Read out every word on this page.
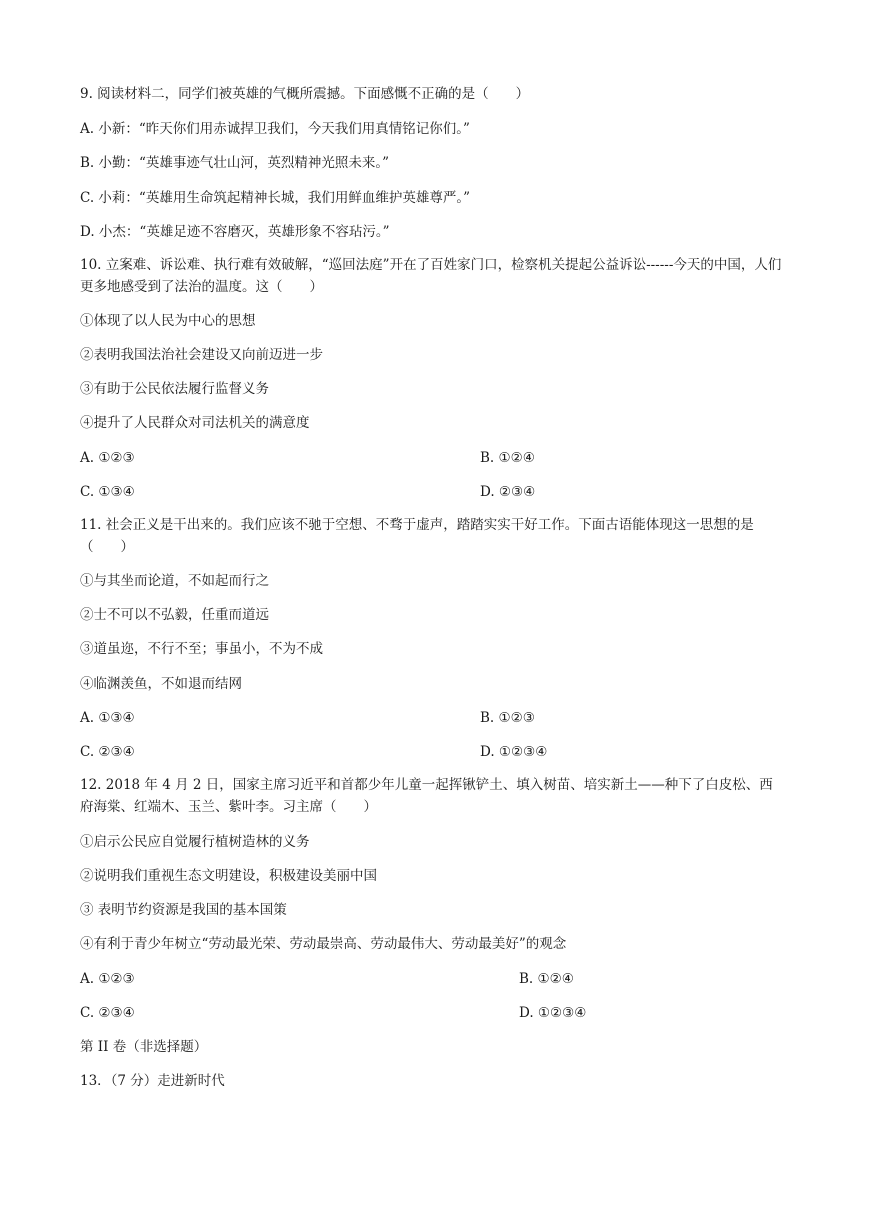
9. 阅读材料二，同学们被英雄的气概所震撼。下面感慨不正确的是（　　）
A. 小新：“昨天你们用赤诚捍卫我们，今天我们用真情铭记你们。”
B. 小勤：“英雄事迹气壮山河，英烈精神光照未来。”
C. 小莉：“英雄用生命筑起精神长城，我们用鲜血维护英雄尊严。”
D. 小杰：“英雄足迹不容磨灭，英雄形象不容玷污。”
10. 立案难、诉讼难、执行难有效破解，“巡回法庭”开在了百姓家门口，检察机关提起公益诉讼------今天的中国，人们更多地感受到了法治的温度。这（　　）
①体现了以人民为中心的思想
②表明我国法治社会建设又向前迈进一步
③有助于公民依法履行监督义务
④提升了人民群众对司法机关的满意度
A. ①②③	B. ①②④
C. ①③④	D. ②③④
11. 社会正义是干出来的。我们应该不驰于空想、不骛于虚声，踏踏实实干好工作。下面古语能体现这一思想的是（　　）
①与其坐而论道，不如起而行之
②士不可以不弘毅，任重而道远
③道虽迩，不行不至；事虽小，不为不成
④临渊羡鱼，不如退而结网
A. ①③④	B. ①②③
C. ②③④	D. ①②③④
12. 2018 年 4 月 2 日，国家主席习近平和首都少年儿童一起挥锹铲土、填入树苗、培实新土——种下了白皮松、西府海棠、红端木、玉兰、紫叶李。习主席（　　）
①启示公民应自觉履行植树造林的义务
②说明我们重视生态文明建设，积极建设美丽中国
③ 表明节约资源是我国的基本国策
④有利于青少年树立“劳动最光荣、劳动最崇高、劳动最伟大、劳动最美好”的观念
A. ①②③	B. ①②④
C. ②③④	D. ①②③④
第 II 卷（非选择题）
13．（7 分）走进新时代
